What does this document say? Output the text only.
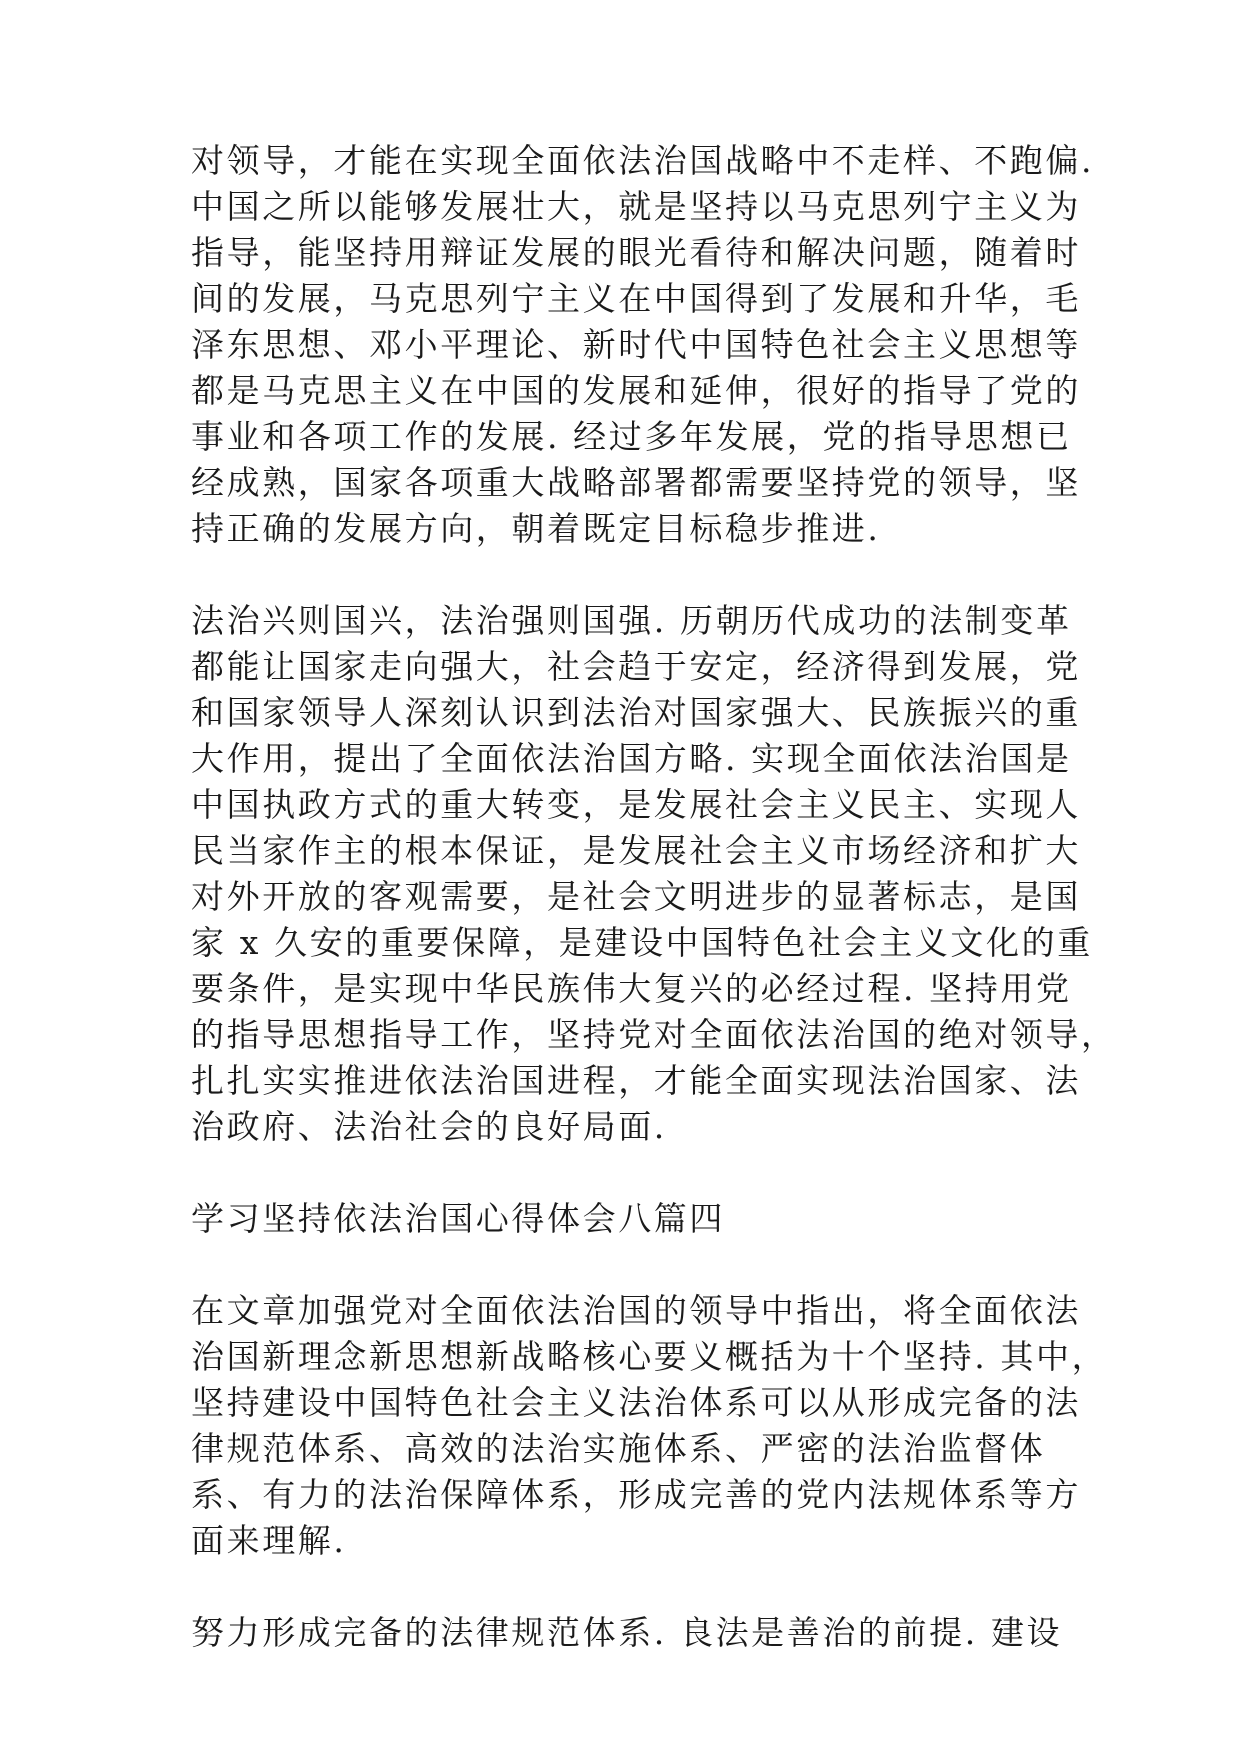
对领导，才能在实现全面依法治国战略中不走样、不跑偏.
中国之所以能够发展壮大，就是坚持以马克思列宁主义为
指导，能坚持用辩证发展的眼光看待和解决问题，随着时
间的发展，马克思列宁主义在中国得到了发展和升华，毛
泽东思想、邓小平理论、新时代中国特色社会主义思想等
都是马克思主义在中国的发展和延伸，很好的指导了党的
事业和各项工作的发展. 经过多年发展，党的指导思想已
经成熟，国家各项重大战略部署都需要坚持党的领导，坚
持正确的发展方向，朝着既定目标稳步推进.
法治兴则国兴，法治强则国强. 历朝历代成功的法制变革
都能让国家走向强大，社会趋于安定，经济得到发展，党
和国家领导人深刻认识到法治对国家强大、民族振兴的重
大作用，提出了全面依法治国方略. 实现全面依法治国是
中国执政方式的重大转变，是发展社会主义民主、实现人
民当家作主的根本保证，是发展社会主义市场经济和扩大
对外开放的客观需要，是社会文明进步的显著标志，是国
家 x 久安的重要保障，是建设中国特色社会主义文化的重
要条件，是实现中华民族伟大复兴的必经过程. 坚持用党
的指导思想指导工作，坚持党对全面依法治国的绝对领导，
扎扎实实推进依法治国进程，才能全面实现法治国家、法
治政府、法治社会的良好局面.
学习坚持依法治国心得体会八篇四
在文章加强党对全面依法治国的领导中指出，将全面依法
治国新理念新思想新战略核心要义概括为十个坚持. 其中，
坚持建设中国特色社会主义法治体系可以从形成完备的法
律规范体系、高效的法治实施体系、严密的法治监督体
系、有力的法治保障体系，形成完善的党内法规体系等方
面来理解.
努力形成完备的法律规范体系. 良法是善治的前提. 建设
